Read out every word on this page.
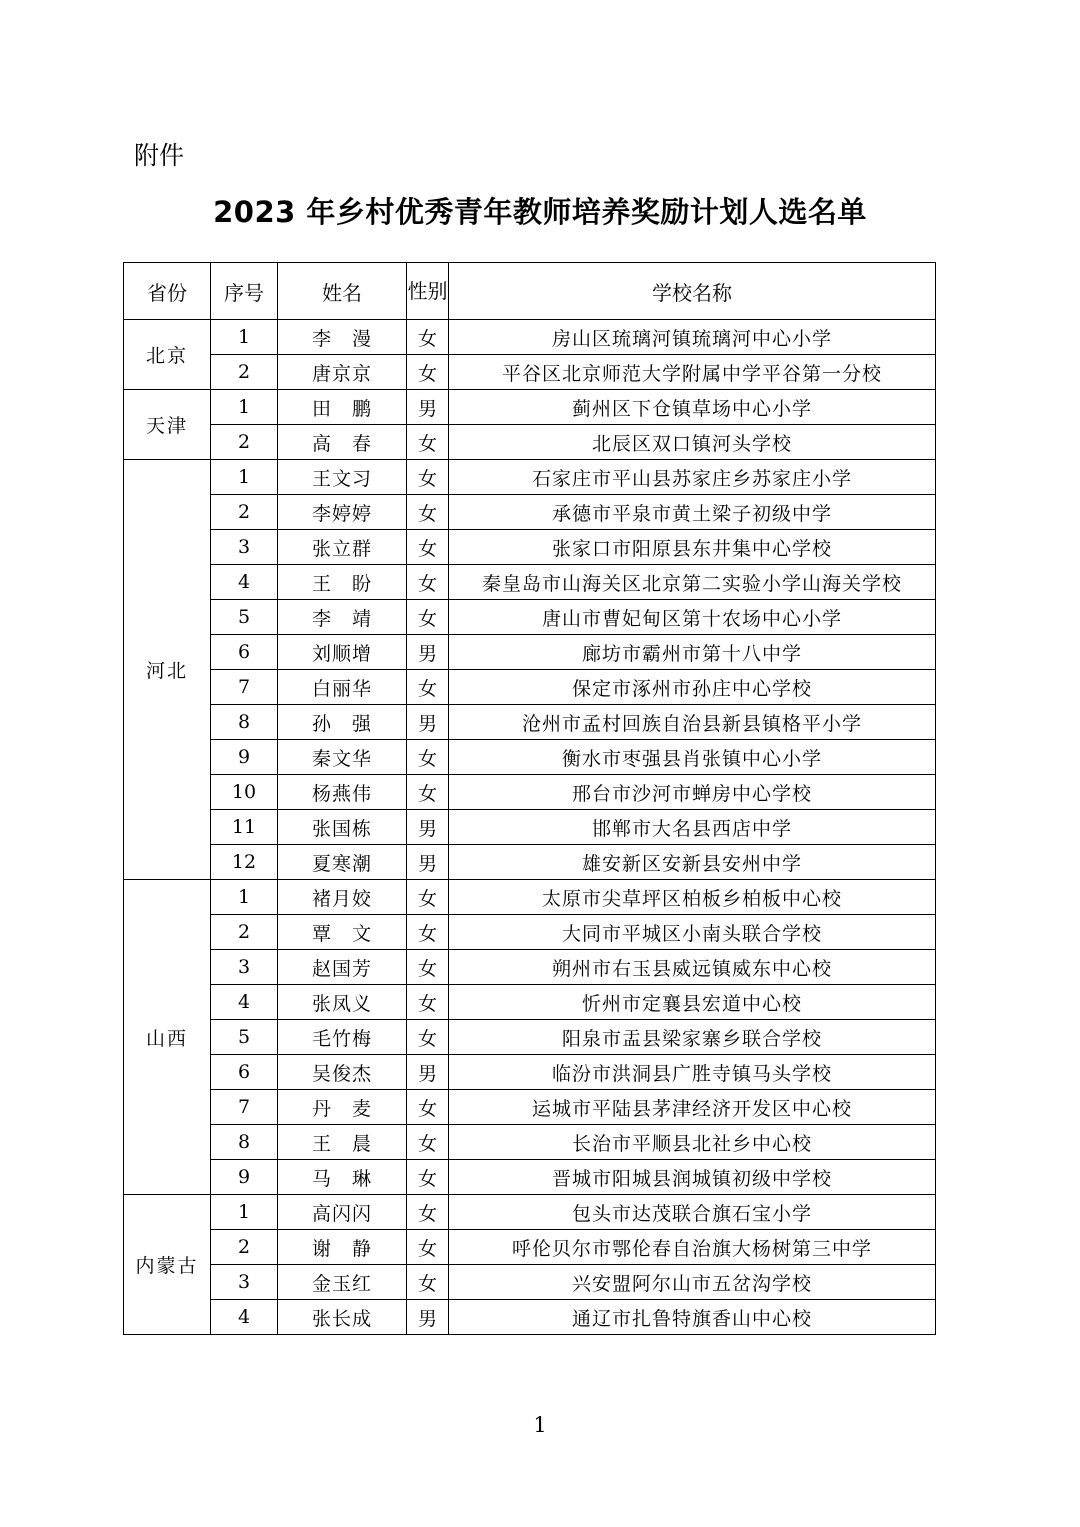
附件
2023 年乡村优秀青年教师培养奖励计划人选名单
省份	序号	姓名	性别	学校名称
北京	1	李　漫	女	房山区琉璃河镇琉璃河中心小学
	2	唐京京	女	平谷区北京师范大学附属中学平谷第一分校
天津	1	田　鹏	男	蓟州区下仓镇草场中心小学
	2	高　春	女	北辰区双口镇河头学校
河北	1	王文习	女	石家庄市平山县苏家庄乡苏家庄小学
	2	李婷婷	女	承德市平泉市黄土梁子初级中学
	3	张立群	女	张家口市阳原县东井集中心学校
	4	王　盼	女	秦皇岛市山海关区北京第二实验小学山海关学校
	5	李　靖	女	唐山市曹妃甸区第十农场中心小学
	6	刘顺增	男	廊坊市霸州市第十八中学
	7	白丽华	女	保定市涿州市孙庄中心学校
	8	孙　强	男	沧州市孟村回族自治县新县镇格平小学
	9	秦文华	女	衡水市枣强县肖张镇中心小学
	10	杨燕伟	女	邢台市沙河市蝉房中心学校
	11	张国栋	男	邯郸市大名县西店中学
	12	夏寒潮	男	雄安新区安新县安州中学
山西	1	褚月姣	女	太原市尖草坪区柏板乡柏板中心校
	2	覃　文	女	大同市平城区小南头联合学校
	3	赵国芳	女	朔州市右玉县威远镇威东中心校
	4	张凤义	女	忻州市定襄县宏道中心校
	5	毛竹梅	女	阳泉市盂县梁家寨乡联合学校
	6	吴俊杰	男	临汾市洪洞县广胜寺镇马头学校
	7	丹　麦	女	运城市平陆县茅津经济开发区中心校
	8	王　晨	女	长治市平顺县北社乡中心校
	9	马　琳	女	晋城市阳城县润城镇初级中学校
内蒙古	1	高闪闪	女	包头市达茂联合旗石宝小学
	2	谢　静	女	呼伦贝尔市鄂伦春自治旗大杨树第三中学
	3	金玉红	女	兴安盟阿尔山市五岔沟学校
	4	张长成	男	通辽市扎鲁特旗香山中心校
1
